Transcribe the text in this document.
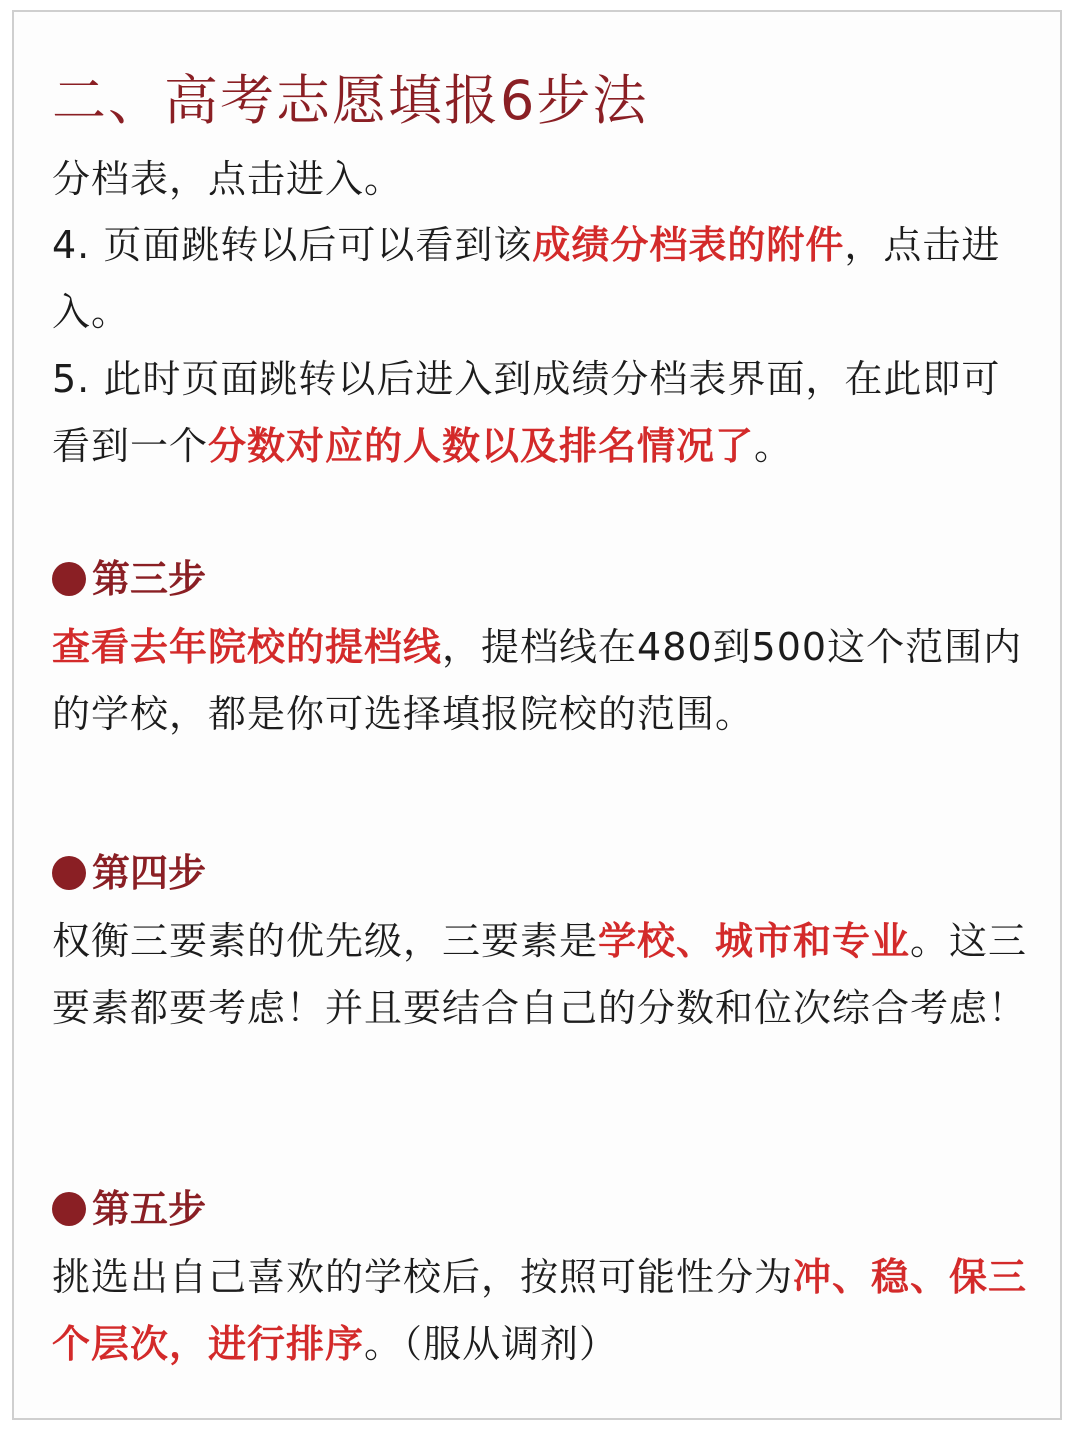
二、高考志愿填报6步法

分档表，点击进入。

4. 页面跳转以后可以看到该成绩分档表的附件，点击进入。

5. 此时页面跳转以后进入到成绩分档表界面，在此即可看到一个分数对应的人数以及排名情况了。

第三步

查看去年院校的提档线，提档线在480到500这个范围内的学校，都是你可选择填报院校的范围。

第四步

权衡三要素的优先级，三要素是学校、城市和专业。这三要素都要考虑！并且要结合自己的分数和位次综合考虑！

第五步

挑选出自己喜欢的学校后，按照可能性分为冲、稳、保三个层次，进行排序。（服从调剂）
